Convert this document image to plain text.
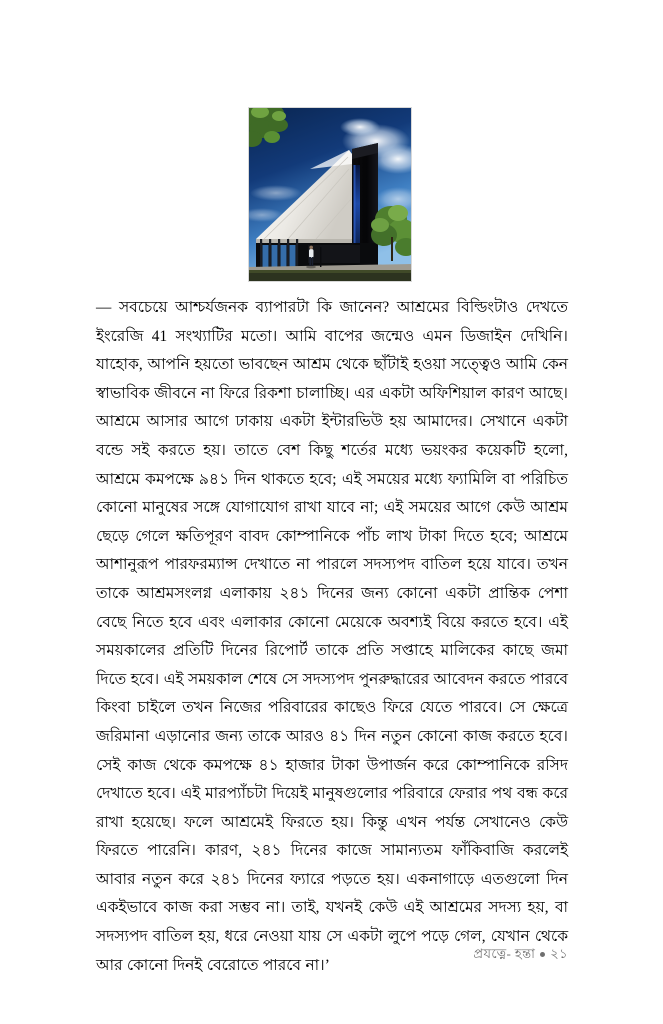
— সবচেয়ে আশ্চর্যজনক ব্যাপারটা কি জানেন? আশ্রমের বিল্ডিংটাও দেখতে ইংরেজি 41 সংখ্যাটির মতো। আমি বাপের জন্মেও এমন ডিজাইন দেখিনি। যাহোক, আপনি হয়তো ভাবছেন আশ্রম থেকে ছাঁটাই হওয়া সত্ত্বেও আমি কেন স্বাভাবিক জীবনে না ফিরে রিকশা চালাচ্ছি। এর একটা অফিশিয়াল কারণ আছে। আশ্রমে আসার আগে ঢাকায় একটা ইন্টারভিউ হয় আমাদের। সেখানে একটা বন্ডে সই করতে হয়। তাতে বেশ কিছু শর্তের মধ্যে ভয়ংকর কয়েকটি হলো, আশ্রমে কমপক্ষে ৯৪১ দিন থাকতে হবে; এই সময়ের মধ্যে ফ্যামিলি বা পরিচিত কোনো মানুষের সঙ্গে যোগাযোগ রাখা যাবে না; এই সময়ের আগে কেউ আশ্রম ছেড়ে গেলে ক্ষতিপূরণ বাবদ কোম্পানিকে পাঁচ লাখ টাকা দিতে হবে; আশ্রমে আশানুরূপ পারফরম্যান্স দেখাতে না পারলে সদস্যপদ বাতিল হয়ে যাবে। তখন তাকে আশ্রমসংলগ্ন এলাকায় ২৪১ দিনের জন্য কোনো একটা প্রান্তিক পেশা বেছে নিতে হবে এবং এলাকার কোনো মেয়েকে অবশ্যই বিয়ে করতে হবে। এই সময়কালের প্রতিটি দিনের রিপোর্ট তাকে প্রতি সপ্তাহে মালিকের কাছে জমা দিতে হবে। এই সময়কাল শেষে সে সদস্যপদ পুনরুদ্ধারের আবেদন করতে পারবে কিংবা চাইলে তখন নিজের পরিবারের কাছেও ফিরে যেতে পারবে। সে ক্ষেত্রে জরিমানা এড়ানোর জন্য তাকে আরও ৪১ দিন নতুন কোনো কাজ করতে হবে। সেই কাজ থেকে কমপক্ষে ৪১ হাজার টাকা উপার্জন করে কোম্পানিকে রসিদ দেখাতে হবে। এই মারপ্যাঁচটা দিয়েই মানুষগুলোর পরিবারে ফেরার পথ বন্ধ করে রাখা হয়েছে। ফলে আশ্রমেই ফিরতে হয়। কিন্তু এখন পর্যন্ত সেখানেও কেউ ফিরতে পারেনি। কারণ, ২৪১ দিনের কাজে সামান্যতম ফাঁকিবাজি করলেই আবার নতুন করে ২৪১ দিনের ফ্যারে পড়তে হয়। একনাগাড়ে এতগুলো দিন একইভাবে কাজ করা সম্ভব না। তাই, যখনই কেউ এই আশ্রমের সদস্য হয়, বা সদস্যপদ বাতিল হয়, ধরে নেওয়া যায় সে একটা লুপে পড়ে গেল, যেখান থেকে আর কোনো দিনই বেরোতে পারবে না।’

প্রযত্নে- হন্তা ২১
